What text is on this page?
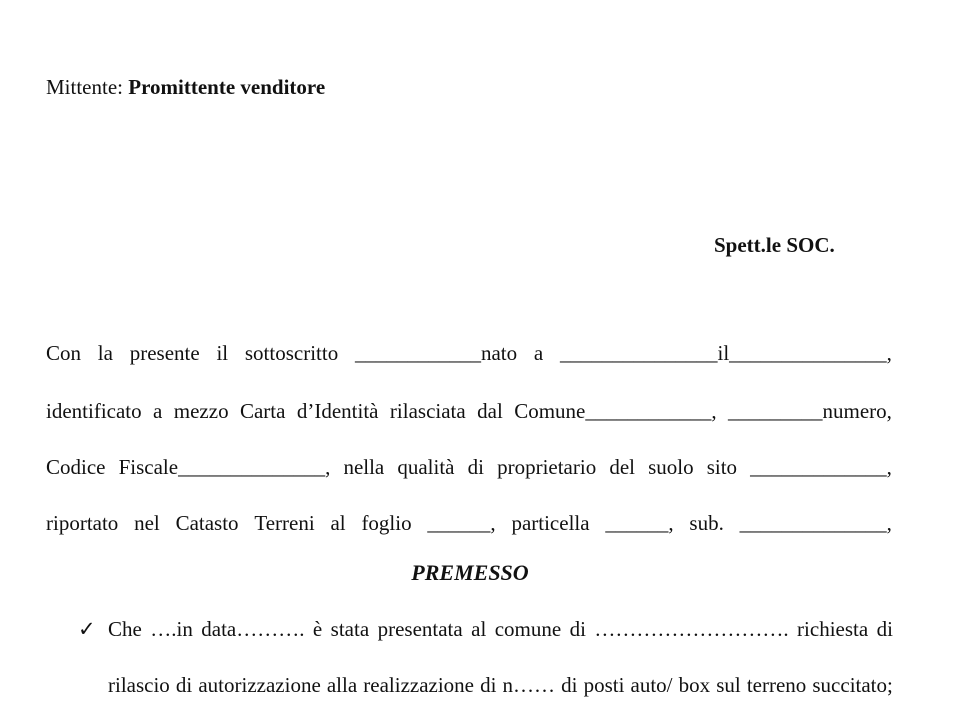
Mittente: Promittente venditore
Spett.le SOC.
Con la presente il sottoscritto ____________nato a _______________il_______________,
identificato a mezzo Carta d’Identità rilasciata dal Comune____________, _________numero,
Codice Fiscale______________, nella qualità di proprietario del suolo sito _____________,
riportato nel Catasto Terreni al foglio ______, particella ______, sub. ______________,
PREMESSO
✓ Che ….in data………. è stata presentata al comune di ………………………. richiesta di
rilascio di autorizzazione alla realizzazione di n…… di posti auto/ box sul terreno succitato;
